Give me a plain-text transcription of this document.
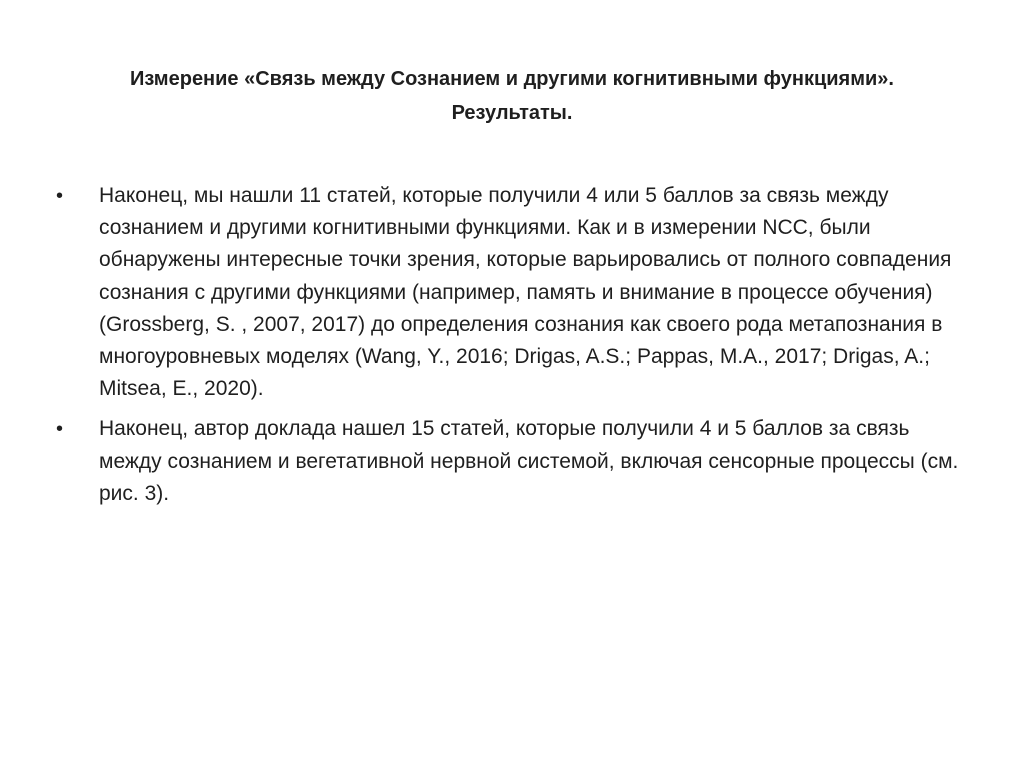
Измерение «Связь между Сознанием и другими когнитивными функциями».
Результаты.
•	Наконец, мы нашли 11 статей, которые получили 4 или 5 баллов за связь между сознанием и другими когнитивными функциями. Как и в измерении NCC, были обнаружены интересные точки зрения, которые варьировались от полного совпадения сознания с другими функциями (например, память и внимание в процессе обучения) (Grossberg, S. , 2007, 2017) до определения сознания как своего рода метапознания в многоуровневых моделях (Wang, Y., 2016; Drigas, A.S.; Pappas, M.A., 2017; Drigas, A.; Mitsea, E., 2020).
•	Наконец, автор доклада нашел 15 статей, которые получили 4 и 5 баллов за связь между сознанием и вегетативной нервной системой, включая сенсорные процессы (см. рис. 3).
